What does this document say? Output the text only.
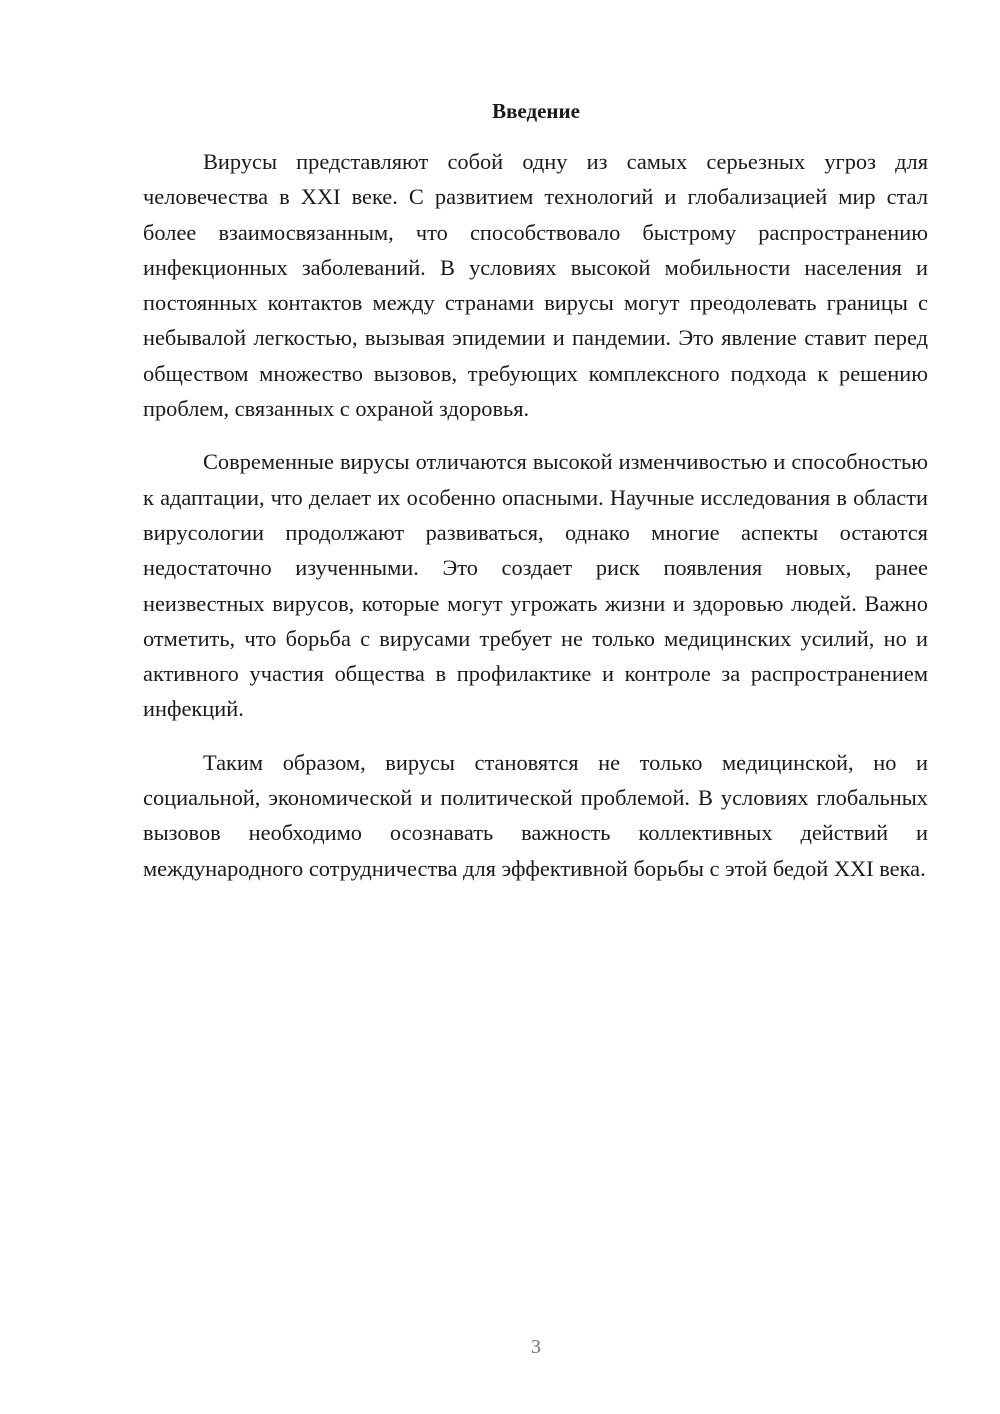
Введение

Вирусы представляют собой одну из самых серьезных угроз для человечества в XXI веке. С развитием технологий и глобализацией мир стал более взаимосвязанным, что способствовало быстрому распространению инфекционных заболеваний. В условиях высокой мобильности населения и постоянных контактов между странами вирусы могут преодолевать границы с небывалой легкостью, вызывая эпидемии и пандемии. Это явление ставит перед обществом множество вызовов, требующих комплексного подхода к решению проблем, связанных с охраной здоровья.

Современные вирусы отличаются высокой изменчивостью и способностью к адаптации, что делает их особенно опасными. Научные исследования в области вирусологии продолжают развиваться, однако многие аспекты остаются недостаточно изученными. Это создает риск появления новых, ранее неизвестных вирусов, которые могут угрожать жизни и здоровью людей. Важно отметить, что борьба с вирусами требует не только медицинских усилий, но и активного участия общества в профилактике и контроле за распространением инфекций.

Таким образом, вирусы становятся не только медицинской, но и социальной, экономической и политической проблемой. В условиях глобальных вызовов необходимо осознавать важность коллективных действий и международного сотрудничества для эффективной борьбы с этой бедой XXI века.

3
